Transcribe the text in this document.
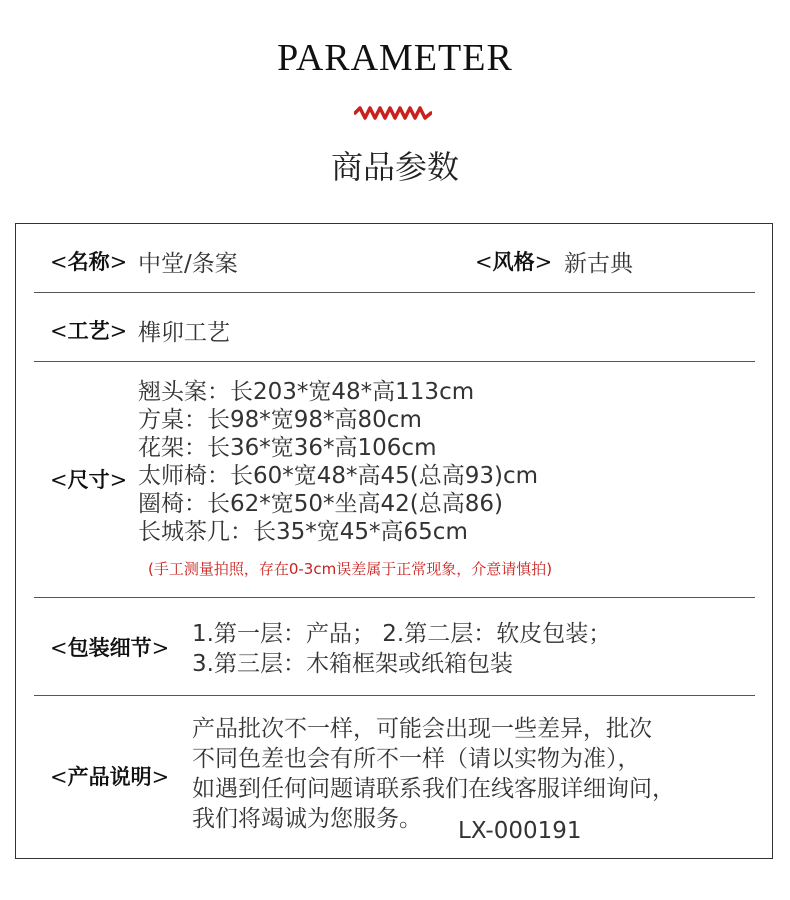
PARAMETER
商品参数
<名称> 中堂/条案	<风格> 新古典
<工艺> 榫卯工艺
<尺寸>
翘头案：长203*宽48*高113cm
方桌：长98*宽98*高80cm
花架：长36*宽36*高106cm
太师椅：长60*宽48*高45(总高93)cm
圈椅：长62*宽50*坐高42(总高86)
长城茶几：长35*宽45*高65cm
(手工测量拍照，存在0-3cm误差属于正常现象，介意请慎拍)
<包装细节>
1.第一层：产品； 2.第二层：软皮包装；
3.第三层：木箱框架或纸箱包装
<产品说明>
产品批次不一样，可能会出现一些差异，批次
不同色差也会有所不一样（请以实物为准），
如遇到任何问题请联系我们在线客服详细询问，
我们将竭诚为您服务。	LX-000191
